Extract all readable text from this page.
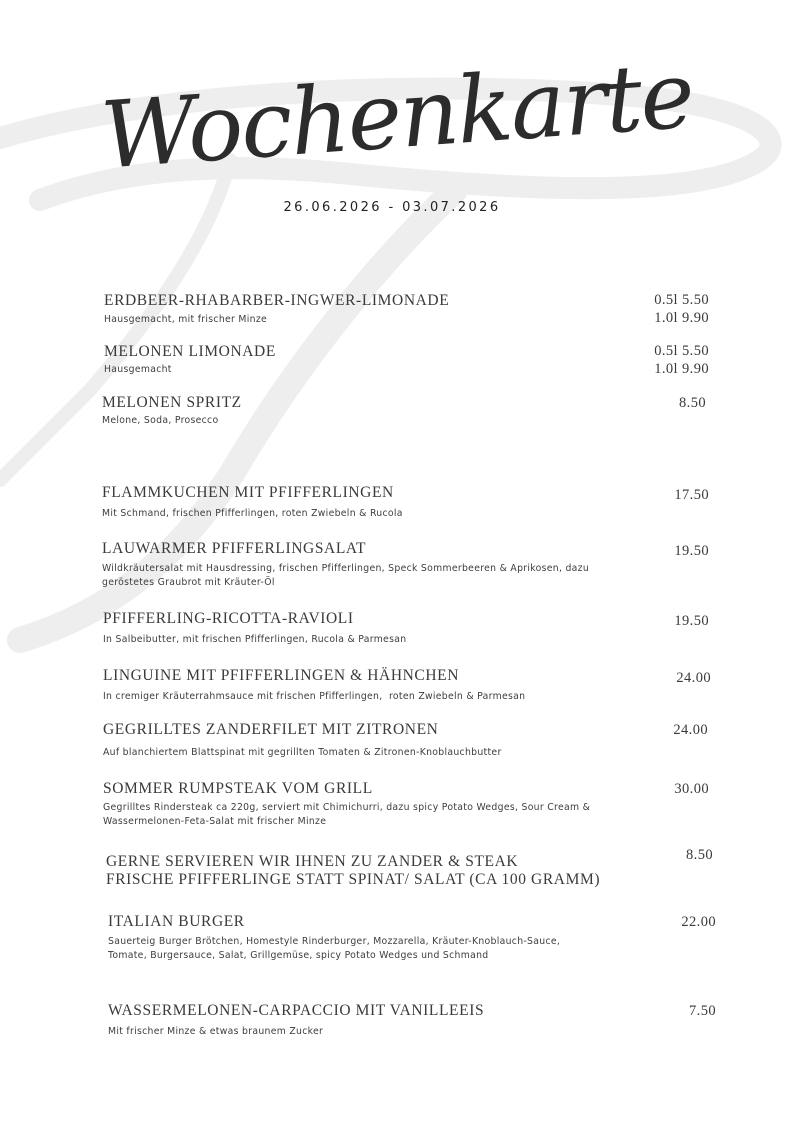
Wochenkarte
26.06.2026 - 03.07.2026
ERDBEER-RHABARBER-INGWER-LIMONADE
Hausgemacht, mit frischer Minze
0.5l 5.50
1.0l 9.90
MELONEN LIMONADE
Hausgemacht
0.5l 5.50
1.0l 9.90
MELONEN SPRITZ
Melone, Soda, Prosecco
8.50
FLAMMKUCHEN MIT PFIFFERLINGEN
Mit Schmand, frischen Pfifferlingen, roten Zwiebeln & Rucola
17.50
LAUWARMER PFIFFERLINGSALAT
Wildkräutersalat mit Hausdressing, frischen Pfifferlingen, Speck Sommerbeeren & Aprikosen, dazu
geröstetes Graubrot mit Kräuter-Öl
19.50
PFIFFERLING-RICOTTA-RAVIOLI
In Salbeibutter, mit frischen Pfifferlingen, Rucola & Parmesan
19.50
LINGUINE MIT PFIFFERLINGEN & HÄHNCHEN
In cremiger Kräuterrahmsauce mit frischen Pfifferlingen,  roten Zwiebeln & Parmesan
24.00
GEGRILLTES ZANDERFILET MIT ZITRONEN
Auf blanchiertem Blattspinat mit gegrillten Tomaten & Zitronen-Knoblauchbutter
24.00
SOMMER RUMPSTEAK VOM GRILL
Gegrilltes Rindersteak ca 220g, serviert mit Chimichurri, dazu spicy Potato Wedges, Sour Cream &
Wassermelonen-Feta-Salat mit frischer Minze
30.00
GERNE SERVIEREN WIR IHNEN ZU ZANDER & STEAK
FRISCHE PFIFFERLINGE STATT SPINAT/ SALAT (CA 100 GRAMM)
8.50
ITALIAN BURGER
Sauerteig Burger Brötchen, Homestyle Rinderburger, Mozzarella, Kräuter-Knoblauch-Sauce,
Tomate, Burgersauce, Salat, Grillgemüse, spicy Potato Wedges und Schmand
22.00
WASSERMELONEN-CARPACCIO MIT VANILLEEIS
Mit frischer Minze & etwas braunem Zucker
7.50
